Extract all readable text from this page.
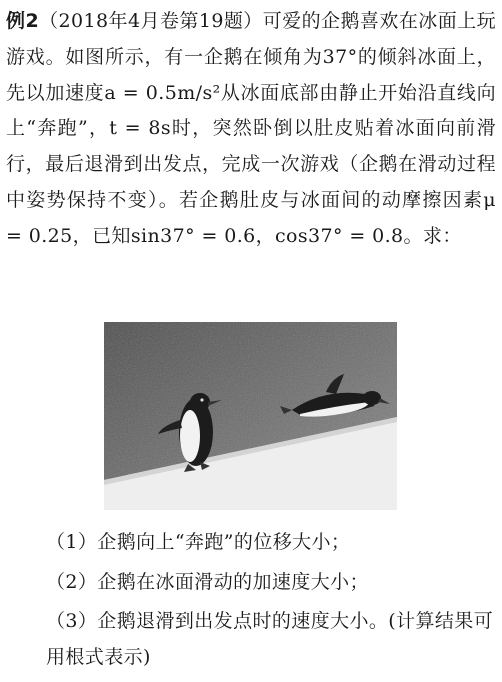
例2（2018年4月卷第19题）可爱的企鹅喜欢在冰面上玩游戏。如图所示，有一企鹅在倾角为37°的倾斜冰面上，先以加速度a = 0.5m/s²从冰面底部由静止开始沿直线向上“奔跑”，t = 8s时，突然卧倒以肚皮贴着冰面向前滑行，最后退滑到出发点，完成一次游戏（企鹅在滑动过程中姿势保持不变）。若企鹅肚皮与冰面间的动摩擦因素μ = 0.25，已知sin37° = 0.6，cos37° = 0.8。求：
（1）企鹅向上“奔跑”的位移大小；
（2）企鹅在冰面滑动的加速度大小；
（3）企鹅退滑到出发点时的速度大小。(计算结果可用根式表示)
